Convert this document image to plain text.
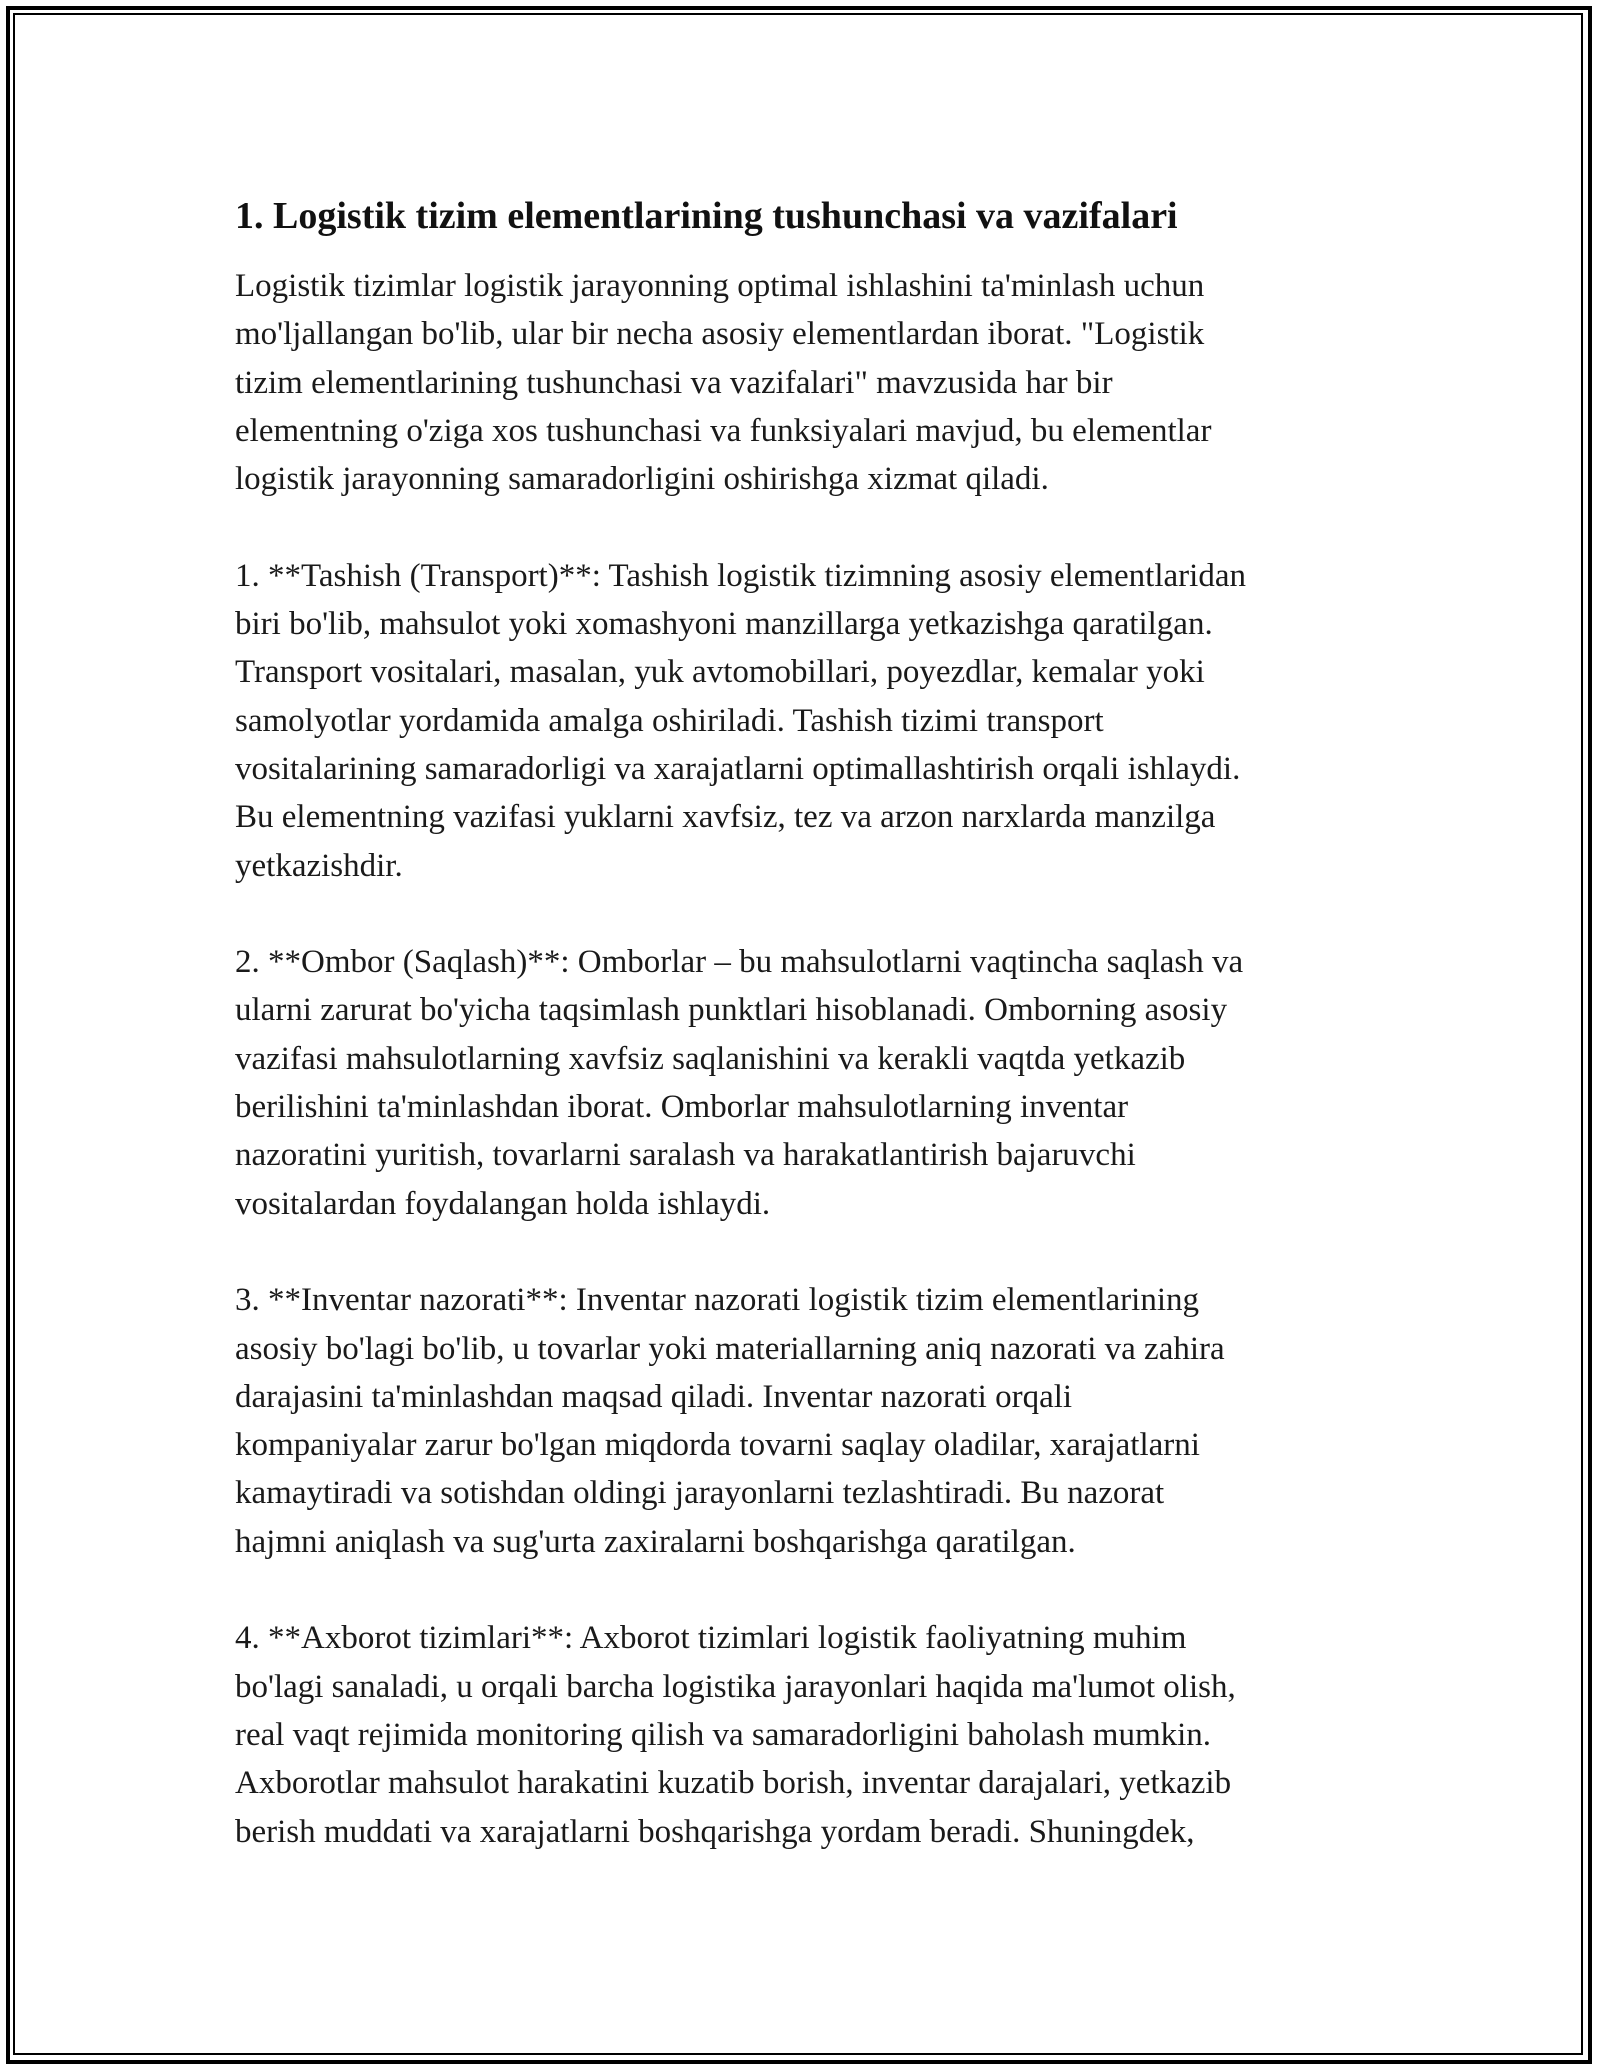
1. Logistik tizim elementlarining tushunchasi va vazifalari
Logistik tizimlar logistik jarayonning optimal ishlashini ta'minlash uchun
mo'ljallangan bo'lib, ular bir necha asosiy elementlardan iborat. "Logistik
tizim elementlarining tushunchasi va vazifalari" mavzusida har bir
elementning o'ziga xos tushunchasi va funksiyalari mavjud, bu elementlar
logistik jarayonning samaradorligini oshirishga xizmat qiladi.
1. **Tashish (Transport)**: Tashish logistik tizimning asosiy elementlaridan
biri bo'lib, mahsulot yoki xomashyoni manzillarga yetkazishga qaratilgan.
Transport vositalari, masalan, yuk avtomobillari, poyezdlar, kemalar yoki
samolyotlar yordamida amalga oshiriladi. Tashish tizimi transport
vositalarining samaradorligi va xarajatlarni optimallashtirish orqali ishlaydi.
Bu elementning vazifasi yuklarni xavfsiz, tez va arzon narxlarda manzilga
yetkazishdir.
2. **Ombor (Saqlash)**: Omborlar – bu mahsulotlarni vaqtincha saqlash va
ularni zarurat bo'yicha taqsimlash punktlari hisoblanadi. Omborning asosiy
vazifasi mahsulotlarning xavfsiz saqlanishini va kerakli vaqtda yetkazib
berilishini ta'minlashdan iborat. Omborlar mahsulotlarning inventar
nazoratini yuritish, tovarlarni saralash va harakatlantirish bajaruvchi
vositalardan foydalangan holda ishlaydi.
3. **Inventar nazorati**: Inventar nazorati logistik tizim elementlarining
asosiy bo'lagi bo'lib, u tovarlar yoki materiallarning aniq nazorati va zahira
darajasini ta'minlashdan maqsad qiladi. Inventar nazorati orqali
kompaniyalar zarur bo'lgan miqdorda tovarni saqlay oladilar, xarajatlarni
kamaytiradi va sotishdan oldingi jarayonlarni tezlashtiradi. Bu nazorat
hajmni aniqlash va sug'urta zaxiralarni boshqarishga qaratilgan.
4. **Axborot tizimlari**: Axborot tizimlari logistik faoliyatning muhim
bo'lagi sanaladi, u orqali barcha logistika jarayonlari haqida ma'lumot olish,
real vaqt rejimida monitoring qilish va samaradorligini baholash mumkin.
Axborotlar mahsulot harakatini kuzatib borish, inventar darajalari, yetkazib
berish muddati va xarajatlarni boshqarishga yordam beradi. Shuningdek,
